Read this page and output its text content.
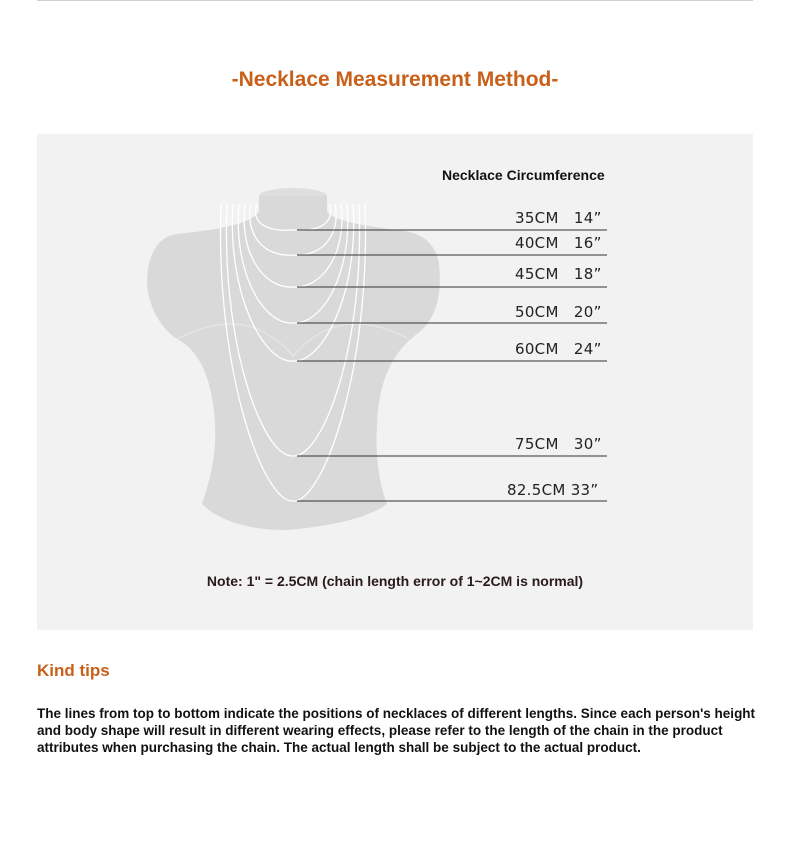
-Necklace Measurement Method-
Necklace Circumference
35CM 14”
40CM 16”
45CM 18”
50CM 20”
60CM 24”
75CM 30”
82.5CM 33”
Note: 1" = 2.5CM (chain length error of 1~2CM is normal)
Kind tips
The lines from top to bottom indicate the positions of necklaces of different lengths. Since each person's height and body shape will result in different wearing effects, please refer to the length of the chain in the product attributes when purchasing the chain. The actual length shall be subject to the actual product.
